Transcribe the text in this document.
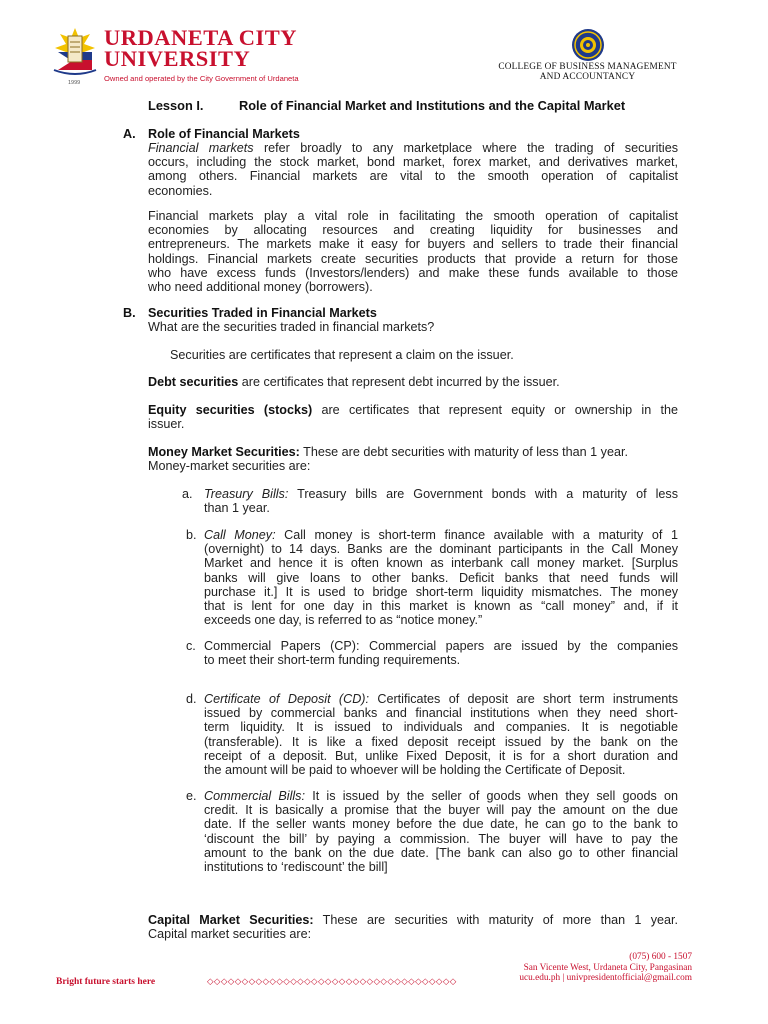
1999
URDANETA CITY
UNIVERSITY
Owned and operated by the City Government of Urdaneta
COLLEGE OF BUSINESS MANAGEMENT
AND ACCOUNTANCY
Lesson I.	Role of Financial Market and Institutions and the Capital Market
A. Role of Financial Markets
Financial markets refer broadly to any marketplace where the trading of securities
occurs, including the stock market, bond market, forex market, and derivatives market,
among others. Financial markets are vital to the smooth operation of capitalist
economies.
Financial markets play a vital role in facilitating the smooth operation of capitalist
economies by allocating resources and creating liquidity for businesses and
entrepreneurs. The markets make it easy for buyers and sellers to trade their financial
holdings. Financial markets create securities products that provide a return for those
who have excess funds (Investors/lenders) and make these funds available to those
who need additional money (borrowers).
B. Securities Traded in Financial Markets
What are the securities traded in financial markets?
Securities are certificates that represent a claim on the issuer.
Debt securities are certificates that represent debt incurred by the issuer.
Equity securities (stocks) are certificates that represent equity or ownership in the
issuer.
Money Market Securities: These are debt securities with maturity of less than 1 year.
Money-market securities are:
a. Treasury Bills: Treasury bills are Government bonds with a maturity of less
than 1 year.
b. Call Money: Call money is short-term finance available with a maturity of 1
(overnight) to 14 days. Banks are the dominant participants in the Call Money
Market and hence it is often known as interbank call money market. [Surplus
banks will give loans to other banks. Deficit banks that need funds will
purchase it.] It is used to bridge short-term liquidity mismatches. The money
that is lent for one day in this market is known as “call money” and, if it
exceeds one day, is referred to as “notice money.”
c. Commercial Papers (CP): Commercial papers are issued by the companies
to meet their short-term funding requirements.
d. Certificate of Deposit (CD): Certificates of deposit are short term instruments
issued by commercial banks and financial institutions when they need short-
term liquidity. It is issued to individuals and companies. It is negotiable
(transferable). It is like a fixed deposit receipt issued by the bank on the
receipt of a deposit. But, unlike Fixed Deposit, it is for a short duration and
the amount will be paid to whoever will be holding the Certificate of Deposit.
e. Commercial Bills: It is issued by the seller of goods when they sell goods on
credit. It is basically a promise that the buyer will pay the amount on the due
date. If the seller wants money before the due date, he can go to the bank to
‘discount the bill’ by paying a commission. The buyer will have to pay the
amount to the bank on the due date. [The bank can also go to other financial
institutions to ‘rediscount’ the bill]
Capital Market Securities: These are securities with maturity of more than 1 year.
Capital market securities are:
(075) 600 - 1507
San Vicente West, Urdaneta City, Pangasinan
ucu.edu.ph | univpresidentofficial@gmail.com
Bright future starts here	◇◇◇◇◇◇◇◇◇◇◇◇◇◇◇◇◇◇◇◇◇◇◇◇◇◇◇◇◇◇◇◇◇◇◇◇
